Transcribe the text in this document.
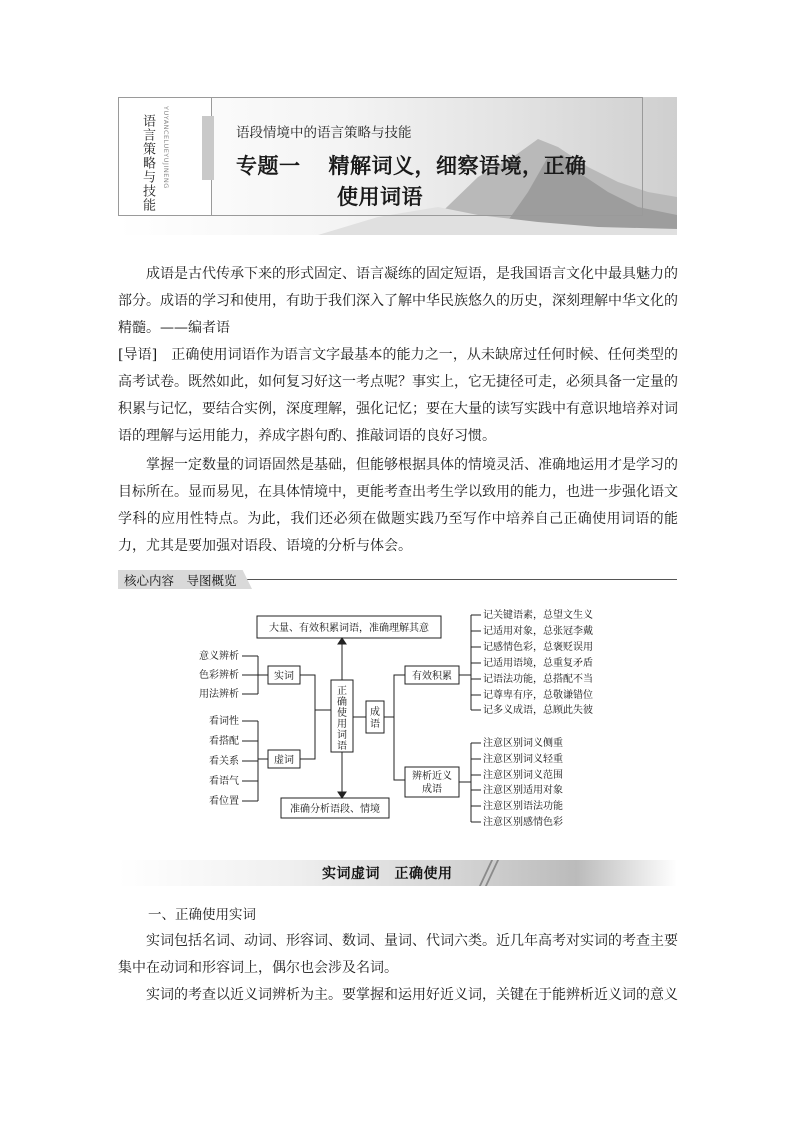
语言策略与技能 YUYANCELUEYUJINENG	语段情境中的语言策略与技能
专题一 精解词义，细察语境，正确
使用词语

成语是古代传承下来的形式固定、语言凝练的固定短语，是我国语言文化中最具魅力的部分。成语的学习和使用，有助于我们深入了解中华民族悠久的历史，深刻理解中华文化的精髓。——编者语

[导语]　正确使用词语作为语言文字最基本的能力之一，从未缺席过任何时候、任何类型的高考试卷。既然如此，如何复习好这一考点呢？事实上，它无捷径可走，必须具备一定量的积累与记忆，要结合实例，深度理解，强化记忆；要在大量的读写实践中有意识地培养对词语的理解与运用能力，养成字斟句酌、推敲词语的良好习惯。

掌握一定数量的词语固然是基础，但能够根据具体的情境灵活、准确地运用才是学习的目标所在。显而易见，在具体情境中，更能考查出考生学以致用的能力，也进一步强化语文学科的应用性特点。为此，我们还必须在做题实践乃至写作中培养自己正确使用词语的能力，尤其是要加强对语段、语境的分析与体会。

核心内容　导图概览
大量、有效积累词语，准确理解其意
准确分析语段、情境
正
确
使
用
词
语
实词
虚词
成
语
有效积累
辨析近义
成语
意义辨析
色彩辨析
用法辨析
看词性
看搭配
看关系
看语气
看位置
记关键语素，总望文生义
记适用对象，总张冠李戴
记感情色彩，总褒贬误用
记适用语境，总重复矛盾
记语法功能，总搭配不当
记尊卑有序，总敬谦错位
记多义成语，总顾此失彼
注意区别词义侧重
注意区别词义轻重
注意区别词义范围
注意区别适用对象
注意区别语法功能
注意区别感情色彩
实词虚词　正确使用
一、正确使用实词

实词包括名词、动词、形容词、数词、量词、代词六类。近几年高考对实词的考查主要集中在动词和形容词上，偶尔也会涉及名词。

实词的考查以近义词辨析为主。要掌握和运用好近义词，关键在于能辨析近义词的意义
